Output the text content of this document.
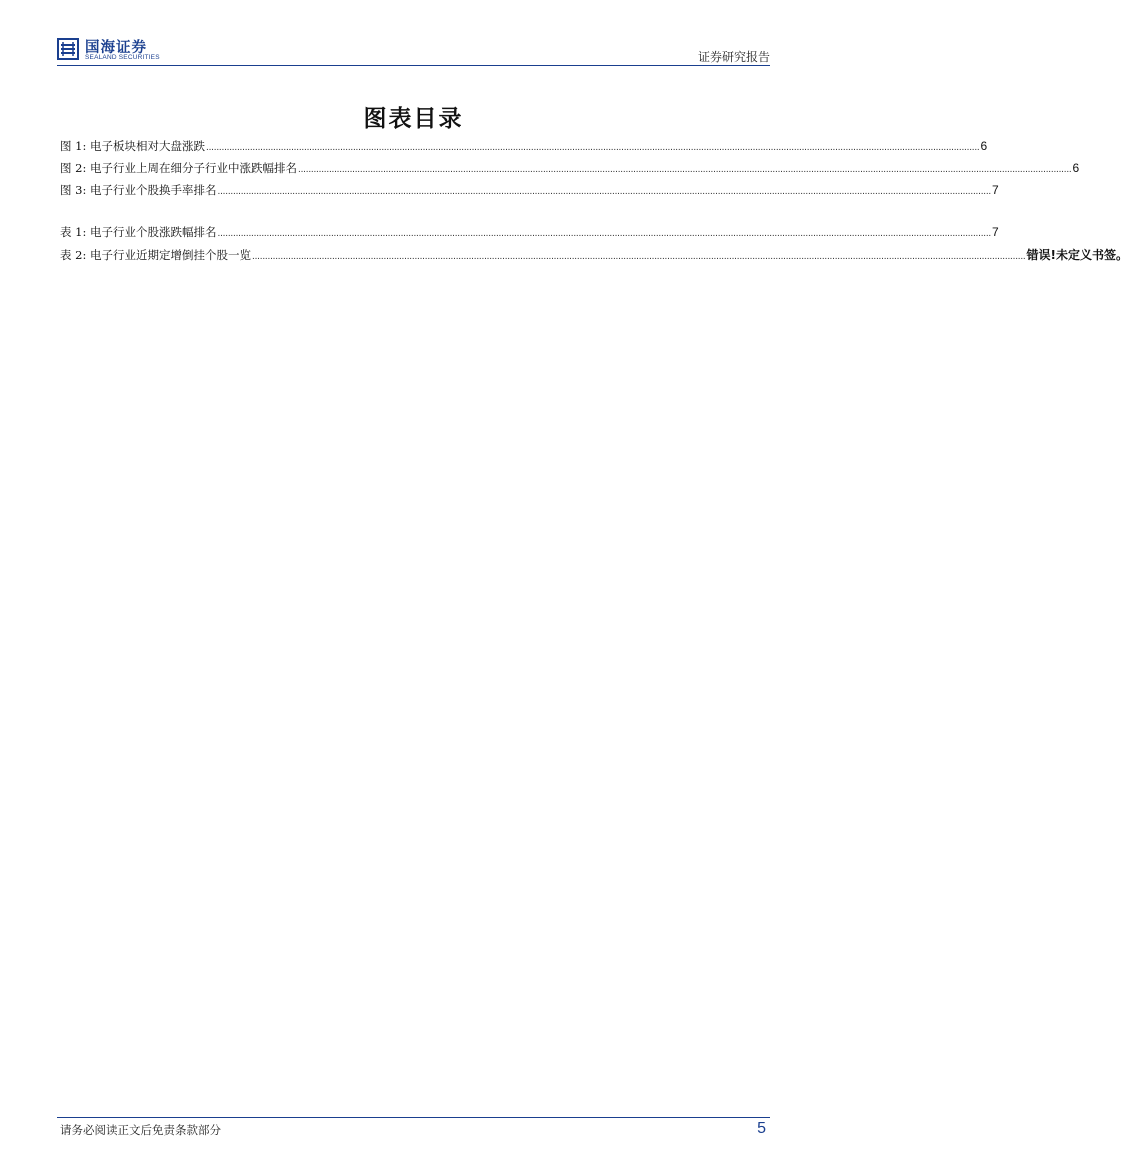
国海证券
SEALAND SECURITIES	证券研究报告
图表目录
图 1: 电子板块相对大盘涨跌 ............................................................................................................................................................................................................................................................................................................ 6
图 2: 电子行业上周在细分子行业中涨跌幅排名 ............................................................................................................................................................................................................................................................................................................ 6
图 3: 电子行业个股换手率排名 ............................................................................................................................................................................................................................................................................................................ 7
表 1: 电子行业个股涨跌幅排名 ............................................................................................................................................................................................................................................................................................................ 7
表 2: 电子行业近期定增倒挂个股一览 ............................................................................................................................................................................................................................................................................................................ 错误!未定义书签。
请务必阅读正文后免责条款部分	5
